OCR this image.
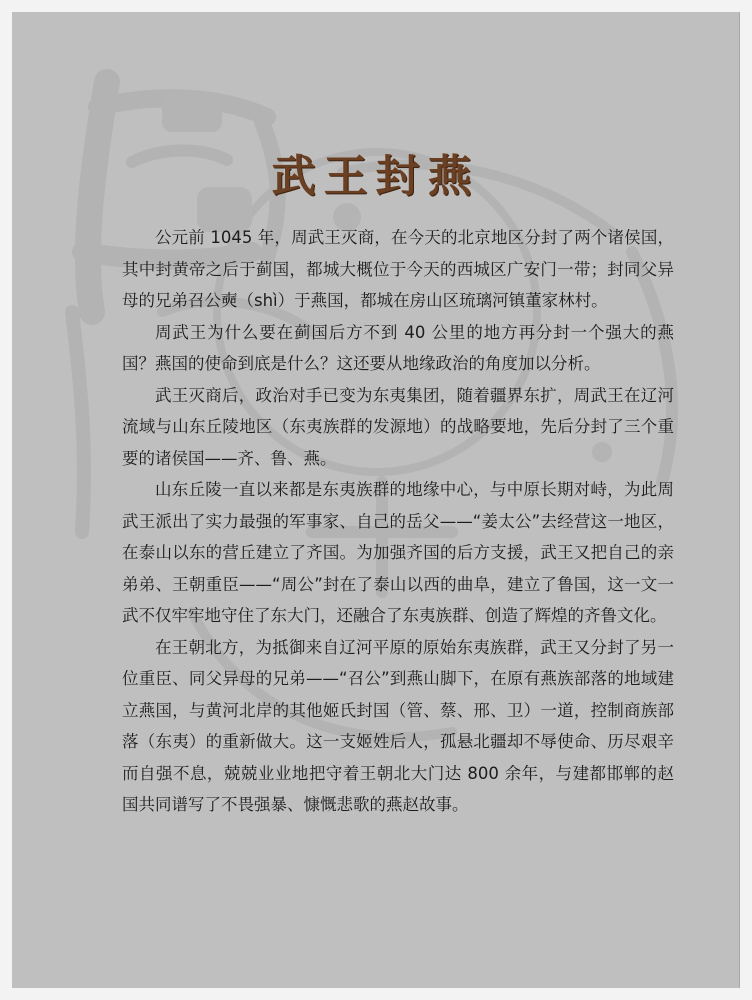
武王封燕

公元前 1045 年，周武王灭商，在今天的北京地区分封了两个诸侯国，其中封黄帝之后于蓟国，都城大概位于今天的西城区广安门一带；封同父异母的兄弟召公奭（shì）于燕国，都城在房山区琉璃河镇董家林村。

周武王为什么要在蓟国后方不到 40 公里的地方再分封一个强大的燕国？燕国的使命到底是什么？这还要从地缘政治的角度加以分析。

武王灭商后，政治对手已变为东夷集团，随着疆界东扩，周武王在辽河流域与山东丘陵地区（东夷族群的发源地）的战略要地，先后分封了三个重要的诸侯国——齐、鲁、燕。

山东丘陵一直以来都是东夷族群的地缘中心，与中原长期对峙，为此周武王派出了实力最强的军事家、自己的岳父——“姜太公”去经营这一地区，在泰山以东的营丘建立了齐国。为加强齐国的后方支援，武王又把自己的亲弟弟、王朝重臣——“周公”封在了泰山以西的曲阜，建立了鲁国，这一文一武不仅牢牢地守住了东大门，还融合了东夷族群、创造了辉煌的齐鲁文化。

在王朝北方，为抵御来自辽河平原的原始东夷族群，武王又分封了另一位重臣、同父异母的兄弟——“召公”到燕山脚下，在原有燕族部落的地域建立燕国，与黄河北岸的其他姬氏封国（管、蔡、邢、卫）一道，控制商族部落（东夷）的重新做大。这一支姬姓后人，孤悬北疆却不辱使命、历尽艰辛而自强不息，兢兢业业地把守着王朝北大门达 800 余年，与建都邯郸的赵国共同谱写了不畏强暴、慷慨悲歌的燕赵故事。
